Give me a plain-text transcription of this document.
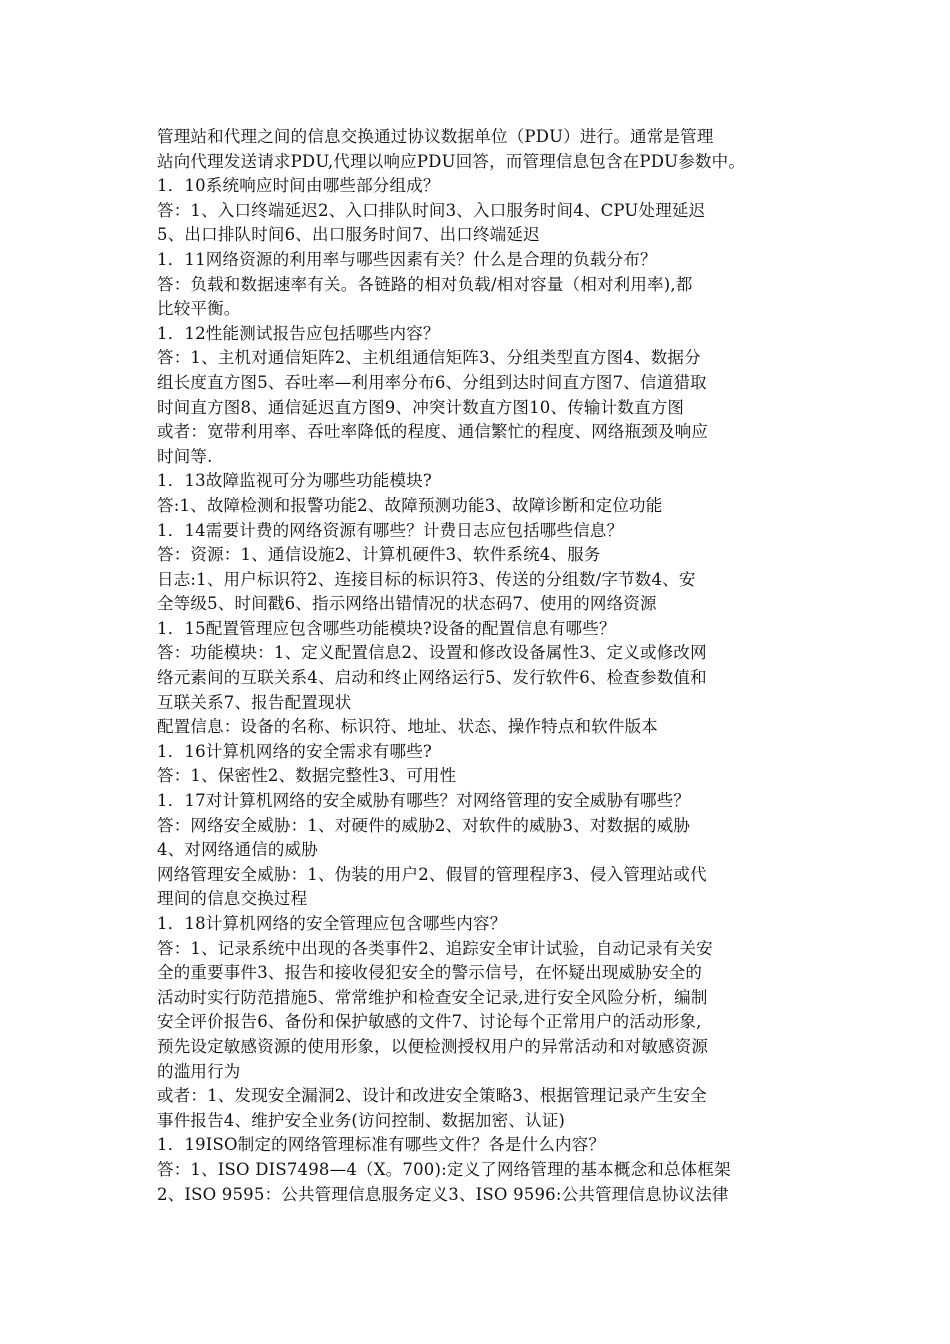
管理站和代理之间的信息交换通过协议数据单位（PDU）进行。通常是管理
站向代理发送请求PDU,代理以响应PDU回答，而管理信息包含在PDU参数中。
1．10系统响应时间由哪些部分组成？
答：1、入口终端延迟2、入口排队时间3、入口服务时间4、CPU处理延迟
5、出口排队时间6、出口服务时间7、出口终端延迟
1．11网络资源的利用率与哪些因素有关？什么是合理的负载分布？
答：负载和数据速率有关。各链路的相对负载/相对容量（相对利用率),都
比较平衡。
1．12性能测试报告应包括哪些内容？
答：1、主机对通信矩阵2、主机组通信矩阵3、分组类型直方图4、数据分
组长度直方图5、吞吐率—利用率分布6、分组到达时间直方图7、信道猎取
时间直方图8、通信延迟直方图9、冲突计数直方图10、传输计数直方图
或者：宽带利用率、吞吐率降低的程度、通信繁忙的程度、网络瓶颈及响应
时间等.
1．13故障监视可分为哪些功能模块?
答:1、故障检测和报警功能2、故障预测功能3、故障诊断和定位功能
1．14需要计费的网络资源有哪些？计费日志应包括哪些信息？
答：资源：1、通信设施2、计算机硬件3、软件系统4、服务
日志:1、用户标识符2、连接目标的标识符3、传送的分组数/字节数4、安
全等级5、时间戳6、指示网络出错情况的状态码7、使用的网络资源
1．15配置管理应包含哪些功能模块?设备的配置信息有哪些？
答：功能模块：1、定义配置信息2、设置和修改设备属性3、定义或修改网
络元素间的互联关系4、启动和终止网络运行5、发行软件6、检查参数值和
互联关系7、报告配置现状
配置信息：设备的名称、标识符、地址、状态、操作特点和软件版本
1．16计算机网络的安全需求有哪些?
答：1、保密性2、数据完整性3、可用性
1．17对计算机网络的安全威胁有哪些？对网络管理的安全威胁有哪些？
答：网络安全威胁：1、对硬件的威胁2、对软件的威胁3、对数据的威胁
4、对网络通信的威胁
网络管理安全威胁：1、伪装的用户2、假冒的管理程序3、侵入管理站或代
理间的信息交换过程
1．18计算机网络的安全管理应包含哪些内容？
答：1、记录系统中出现的各类事件2、追踪安全审计试验，自动记录有关安
全的重要事件3、报告和接收侵犯安全的警示信号，在怀疑出现威胁安全的
活动时实行防范措施5、常常维护和检查安全记录,进行安全风险分析，编制
安全评价报告6、备份和保护敏感的文件7、讨论每个正常用户的活动形象,
预先设定敏感资源的使用形象，以便检测授权用户的异常活动和对敏感资源
的滥用行为
或者：1、发现安全漏洞2、设计和改进安全策略3、根据管理记录产生安全
事件报告4、维护安全业务(访问控制、数据加密、认证)
1．19ISO制定的网络管理标准有哪些文件？各是什么内容？
答：1、ISO DIS7498—4（X。700):定义了网络管理的基本概念和总体框架
2、ISO 9595：公共管理信息服务定义3、ISO 9596:公共管理信息协议法律
